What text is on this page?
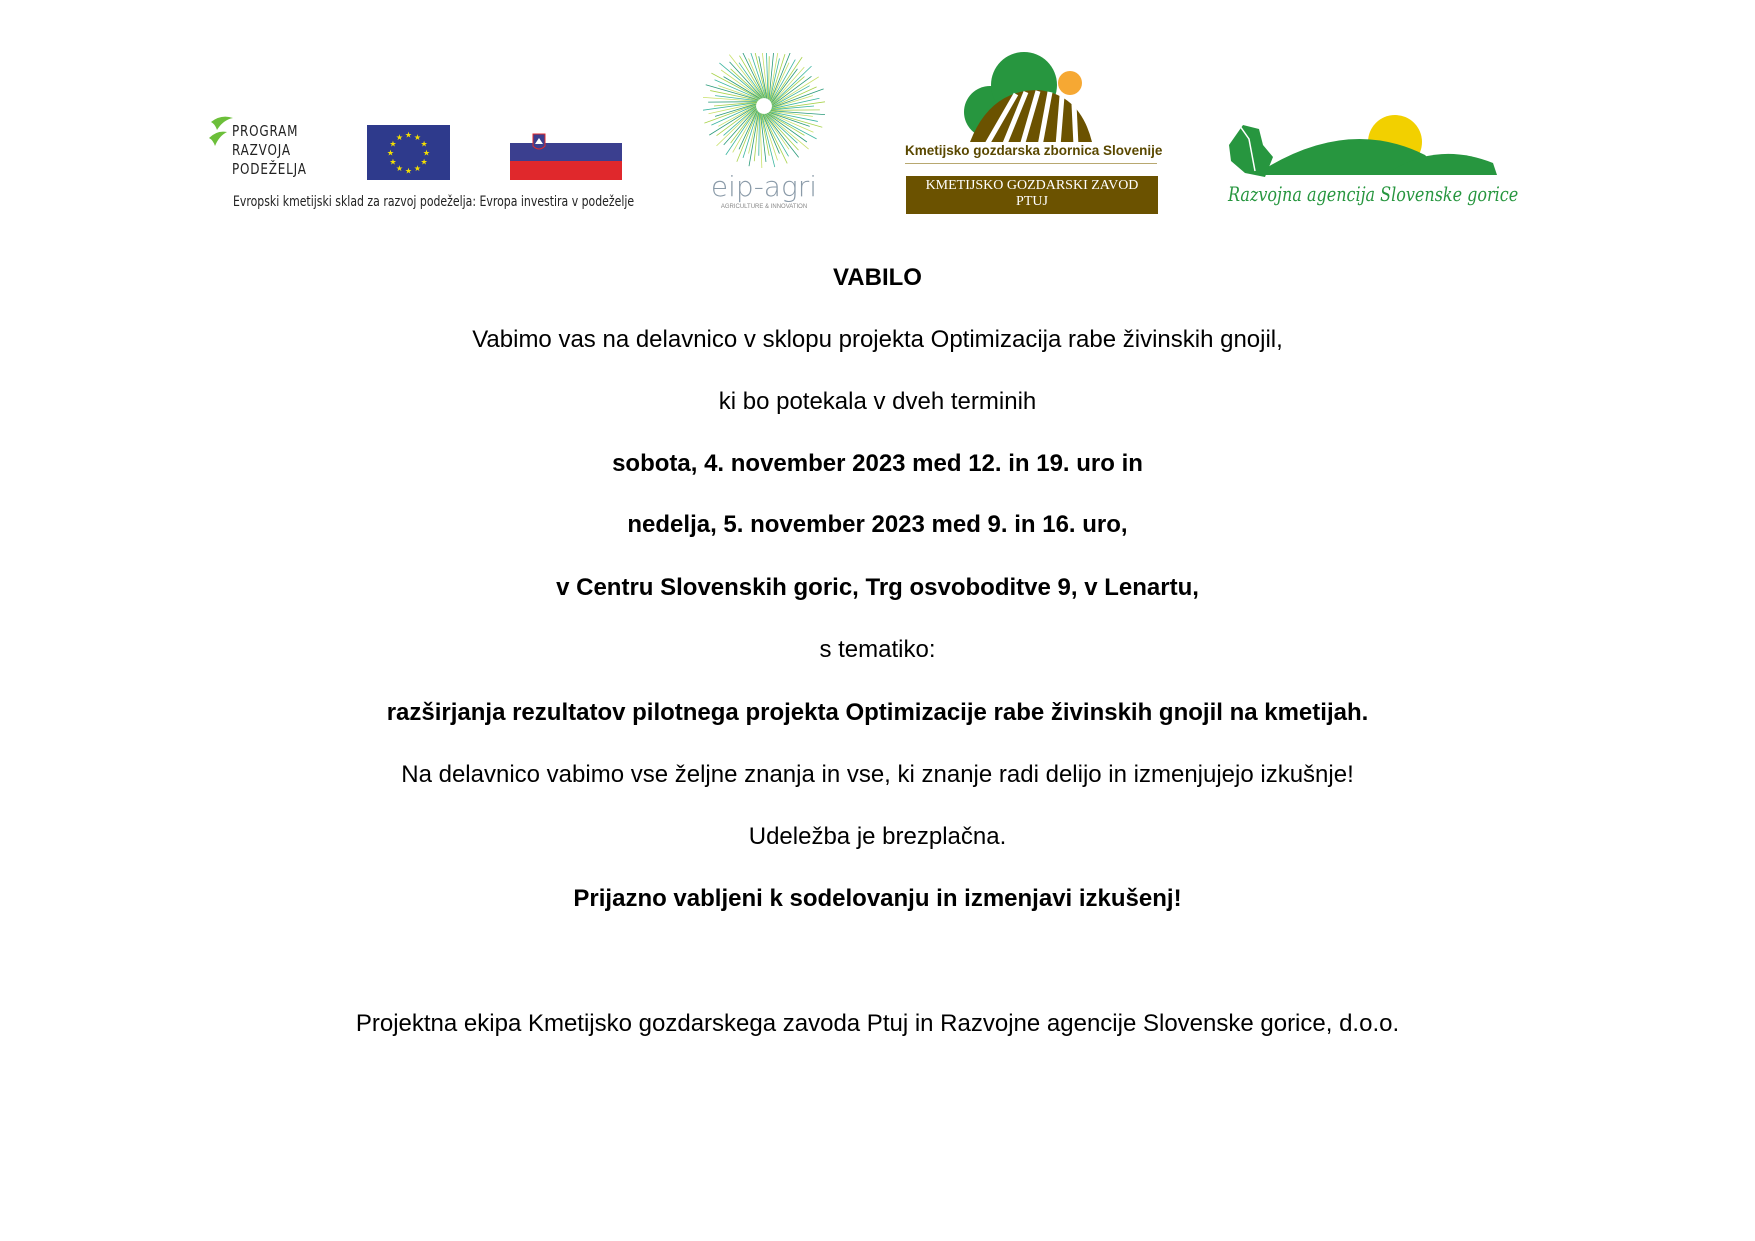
PROGRAM
RAZVOJA
PODEŽELJA
★
★
★
★
★
★
★
★
★ ★ ★
★
Evropski kmetijski sklad za razvoj podeželja: Evropa investira v podeželje	eip-agri
AGRICULTURE & INNOVATION
Kmetijsko gozdarska zbornica Slovenije
KMETIJSKO GOZDARSKI ZAVOD
PTUJ	Razvojna agencija Slovenske gorice
VABILO
Vabimo vas na delavnico v sklopu projekta Optimizacija rabe živinskih gnojil,
ki bo potekala v dveh terminih
sobota, 4. november 2023 med 12. in 19. uro in
nedelja, 5. november 2023 med 9. in 16. uro,
v Centru Slovenskih goric, Trg osvoboditve 9, v Lenartu,
s tematiko:
razširjanja rezultatov pilotnega projekta Optimizacije rabe živinskih gnojil na kmetijah.
Na delavnico vabimo vse željne znanja in vse, ki znanje radi delijo in izmenjujejo izkušnje!
Udeležba je brezplačna.
Prijazno vabljeni k sodelovanju in izmenjavi izkušenj!
Projektna ekipa Kmetijsko gozdarskega zavoda Ptuj in Razvojne agencije Slovenske gorice, d.o.o.
